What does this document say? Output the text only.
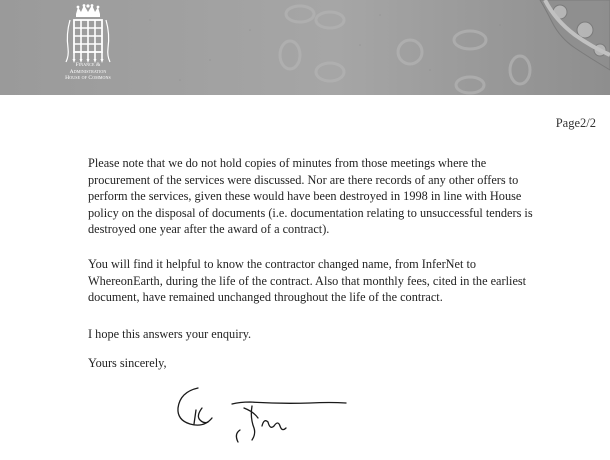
Finance &
Administration
House of Commons
Page2/2

Please note that we do not hold copies of minutes from those meetings where the procurement of the services were discussed. Nor are there records of any other offers to perform the services, given these would have been destroyed in 1998 in line with House policy on the disposal of documents (i.e. documentation relating to unsuccessful tenders is destroyed one year after the award of a contract).

You will find it helpful to know the contractor changed name, from InferNet to WhereonEarth, during the life of the contract. Also that monthly fees, cited in the earliest document, have remained unchanged throughout the life of the contract.

I hope this answers your enquiry.

Yours sincerely,
